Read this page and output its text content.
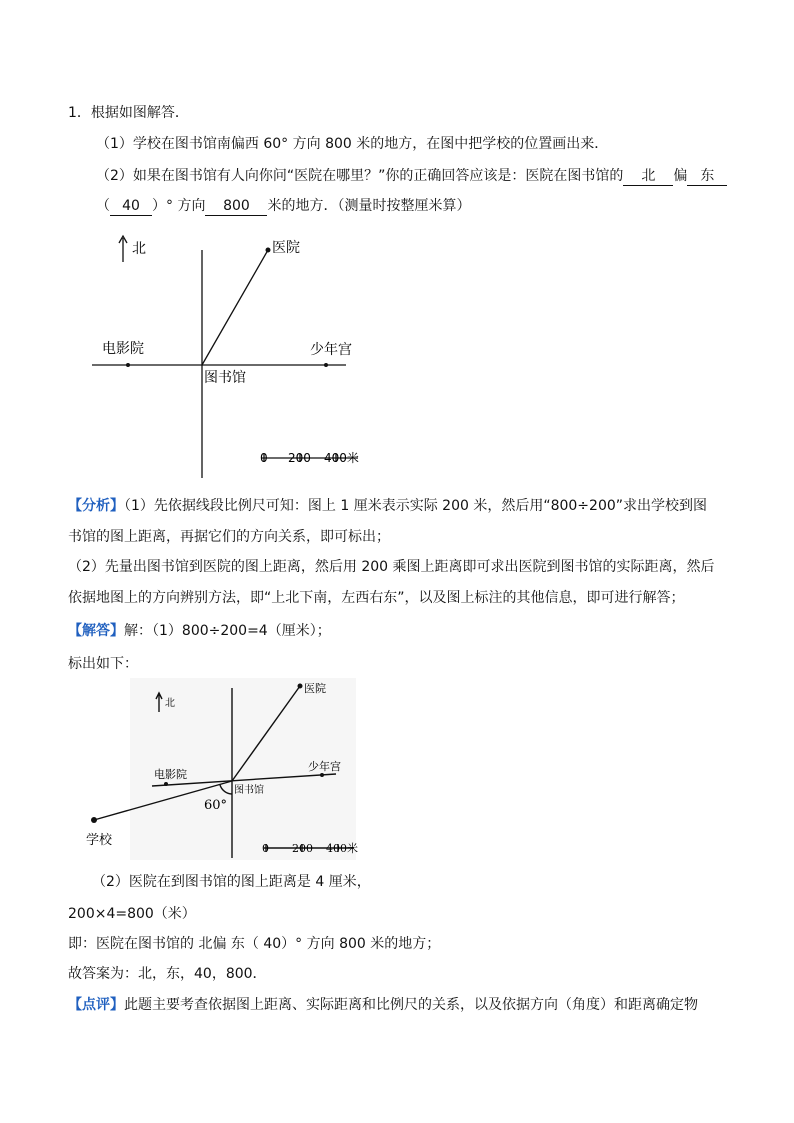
1．根据如图解答．
（1）学校在图书馆南偏西 60° 方向 800 米的地方，在图中把学校的位置画出来．
（2）如果在图书馆有人向你问“医院在哪里？”你的正确回答应该是：医院在图书馆的 北 偏 东
（ 40 ）° 方向 800 米的地方．（测量时按整厘米算）
北	医院
电影院	少年宫
图书馆
0 200 400米
【分析】（1）先依据线段比例尺可知：图上 1 厘米表示实际 200 米，然后用“800÷200”求出学校到图
书馆的图上距离，再据它们的方向关系，即可标出；
（2）先量出图书馆到医院的图上距离，然后用 200 乘图上距离即可求出医院到图书馆的实际距离，然后
依据地图上的方向辨别方法，即“上北下南，左西右东”，以及图上标注的其他信息，即可进行解答；
【解答】解：（1）800÷200=4（厘米）；
标出如下：
北
医院
电影院
少年宫
图书馆
60°
学校
0 200 400米
（2）医院在到图书馆的图上距离是 4 厘米，
200×4=800（米）
即：医院在图书馆的 北偏 东（ 40）° 方向 800 米的地方；
故答案为：北，东，40，800．
【点评】此题主要考查依据图上距离、实际距离和比例尺的关系，以及依据方向（角度）和距离确定物
